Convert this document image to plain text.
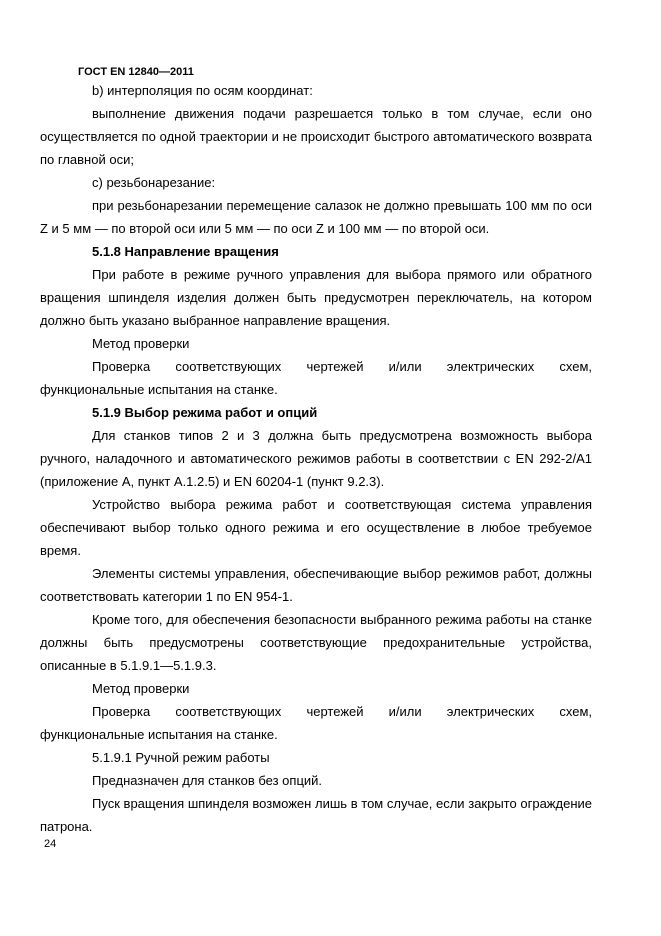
ГОСТ EN 12840—2011

b) интерполяция по осям координат:

выполнение движения подачи разрешается только в том случае, если оно осуществляется по одной траектории и не происходит быстрого автоматического возврата по главной оси;

c) резьбонарезание:

при резьбонарезании перемещение салазок не должно превышать 100 мм по оси Z и 5 мм — по второй оси или 5 мм — по оси Z и 100 мм — по второй оси.

5.1.8 Направление вращения

При работе в режиме ручного управления для выбора прямого или обратного вращения шпинделя изделия должен быть предусмотрен переключатель, на котором должно быть указано выбранное направление вращения.

Метод проверки

Проверка соответствующих чертежей и/или электрических схем, функциональные испытания на станке.

5.1.9 Выбор режима работ и опций

Для станков типов 2 и 3 должна быть предусмотрена возможность выбора ручного, наладочного и автоматического режимов работы в соответствии с EN 292-2/A1 (приложение А, пункт А.1.2.5) и EN 60204-1 (пункт 9.2.3).

Устройство выбора режима работ и соответствующая система управления обеспечивают выбор только одного режима и его осуществление в любое требуемое время.

Элементы системы управления, обеспечивающие выбор режимов работ, должны соответствовать категории 1 по EN 954-1.

Кроме того, для обеспечения безопасности выбранного режима работы на станке должны быть предусмотрены соответствующие предохранительные устройства, описанные в 5.1.9.1—5.1.9.3.

Метод проверки

Проверка соответствующих чертежей и/или электрических схем, функциональные испытания на станке.

5.1.9.1 Ручной режим работы

Предназначен для станков без опций.

Пуск вращения шпинделя возможен лишь в том случае, если закрыто ограждение патрона.

24
